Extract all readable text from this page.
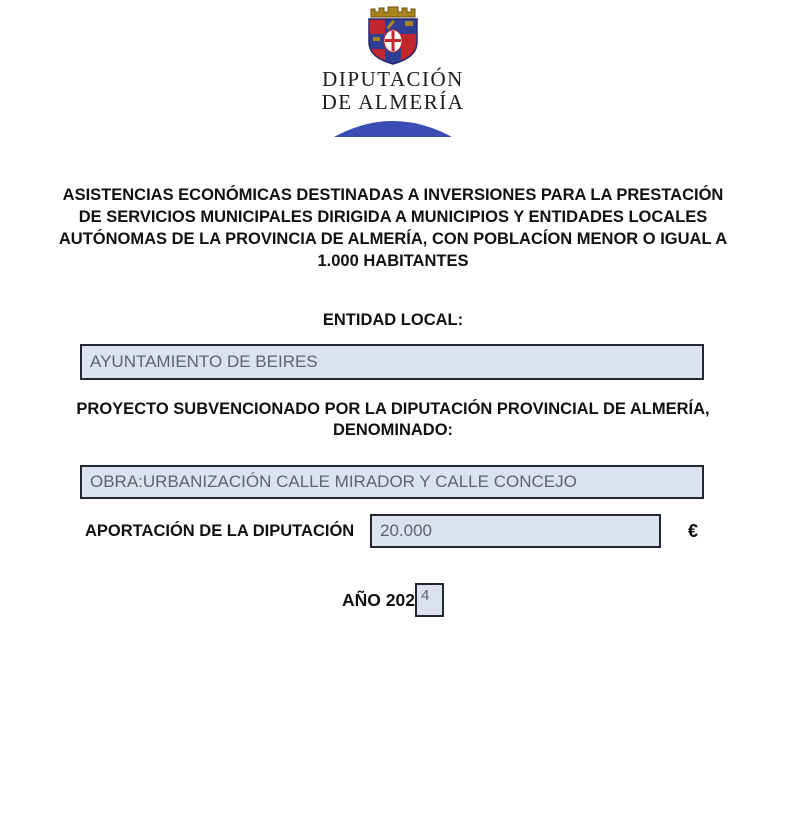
DIPUTACIÓN
DE ALMERÍA
ASISTENCIAS ECONÓMICAS DESTINADAS A INVERSIONES PARA LA PRESTACIÓN DE SERVICIOS MUNICIPALES DIRIGIDA A MUNICIPIOS Y ENTIDADES LOCALES AUTÓNOMAS DE LA PROVINCIA DE ALMERÍA, CON POBLACÍON MENOR O IGUAL A 1.000 HABITANTES
ENTIDAD LOCAL:
AYUNTAMIENTO DE BEIRES
PROYECTO SUBVENCIONADO POR LA DIPUTACIÓN PROVINCIAL DE ALMERÍA, DENOMINADO:
OBRA:URBANIZACIÓN CALLE MIRADOR Y CALLE CONCEJO
APORTACIÓN DE LA DIPUTACIÓN
20.000	€
AÑO 202
4
